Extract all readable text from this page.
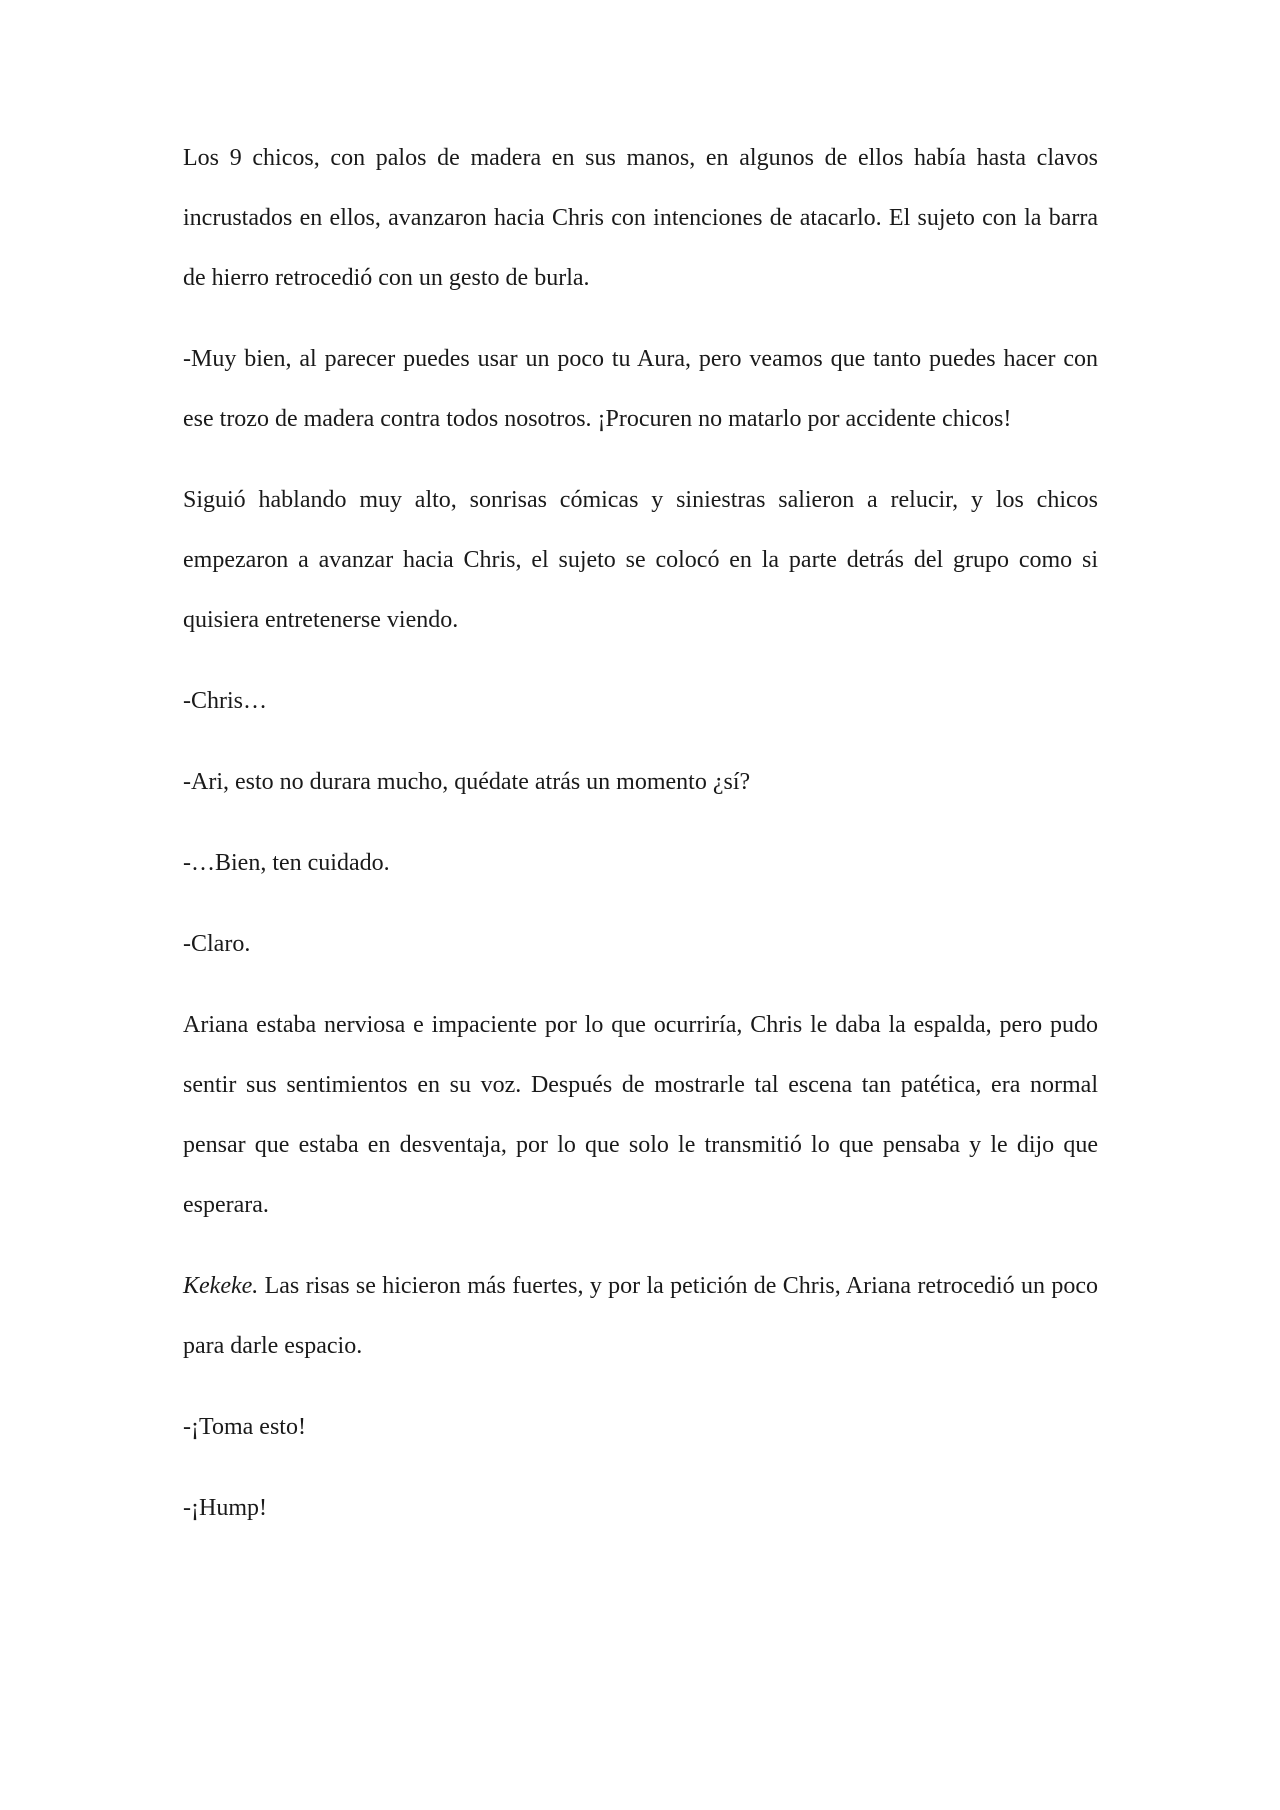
Los 9 chicos, con palos de madera en sus manos, en algunos de ellos había hasta clavos incrustados en ellos, avanzaron hacia Chris con intenciones de atacarlo. El sujeto con la barra de hierro retrocedió con un gesto de burla.

-Muy bien, al parecer puedes usar un poco tu Aura, pero veamos que tanto puedes hacer con ese trozo de madera contra todos nosotros. ¡Procuren no matarlo por accidente chicos!

Siguió hablando muy alto, sonrisas cómicas y siniestras salieron a relucir, y los chicos empezaron a avanzar hacia Chris, el sujeto se colocó en la parte detrás del grupo como si quisiera entretenerse viendo.

-Chris…

-Ari, esto no durara mucho, quédate atrás un momento ¿sí?

-…Bien, ten cuidado.

-Claro.

Ariana estaba nerviosa e impaciente por lo que ocurriría, Chris le daba la espalda, pero pudo sentir sus sentimientos en su voz. Después de mostrarle tal escena tan patética, era normal pensar que estaba en desventaja, por lo que solo le transmitió lo que pensaba y le dijo que esperara.

Kekeke. Las risas se hicieron más fuertes, y por la petición de Chris, Ariana retrocedió un poco para darle espacio.

-¡Toma esto!

-¡Hump!
